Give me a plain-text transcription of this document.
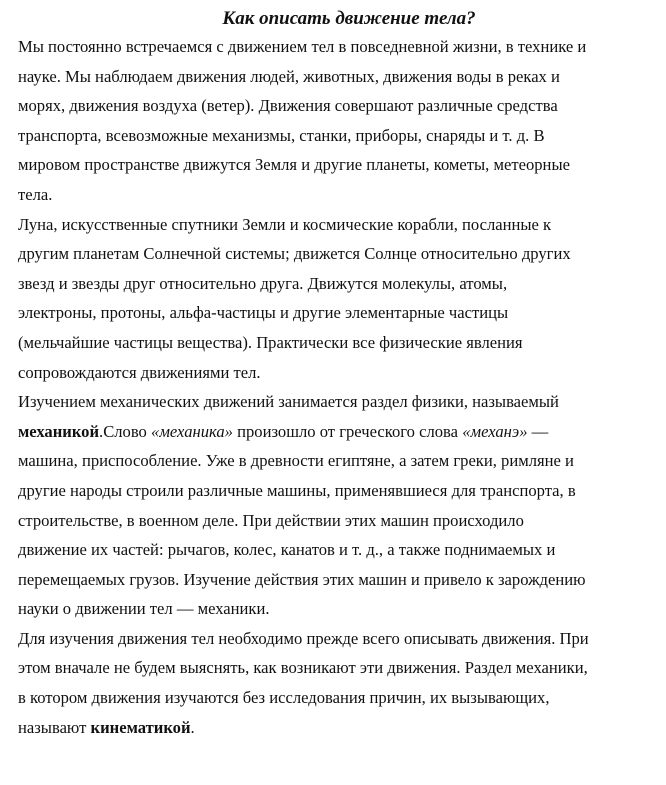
Как описать движение тела?
Мы постоянно встречаемся с движением тел в повседневной жизни, в технике и
науке. Мы наблюдаем движения людей, животных, движения воды в реках и
морях, движения воздуха (ветер). Движения совершают различные средства
транспорта, всевозможные механизмы, станки, приборы, снаряды и т. д. В
мировом пространстве движутся Земля и другие планеты, кометы, метеорные
тела.
Луна, искусственные спутники Земли и космические корабли, посланные к
другим планетам Солнечной системы; движется Солнце относительно других
звезд и звезды друг относительно друга. Движутся молекулы, атомы,
электроны, протоны, альфа-частицы и другие элементарные частицы
(мельчайшие частицы вещества). Практически все физические явления
сопровождаются движениями тел.
Изучением механических движений занимается раздел физики, называемый
механикой.Слово «механика» произошло от греческого слова «механэ» —
машина, приспособление. Уже в древности египтяне, а затем греки, римляне и
другие народы строили различные машины, применявшиеся для транспорта, в
строительстве, в военном деле. При действии этих машин происходило
движение их частей: рычагов, колес, канатов и т. д., а также поднимаемых и
перемещаемых грузов. Изучение действия этих машин и привело к зарождению
науки о движении тел — механики.
Для изучения движения тел необходимо прежде всего описывать движения. При
этом вначале не будем выяснять, как возникают эти движения. Раздел механики,
в котором движения изучаются без исследования причин, их вызывающих,
называют кинематикой.
